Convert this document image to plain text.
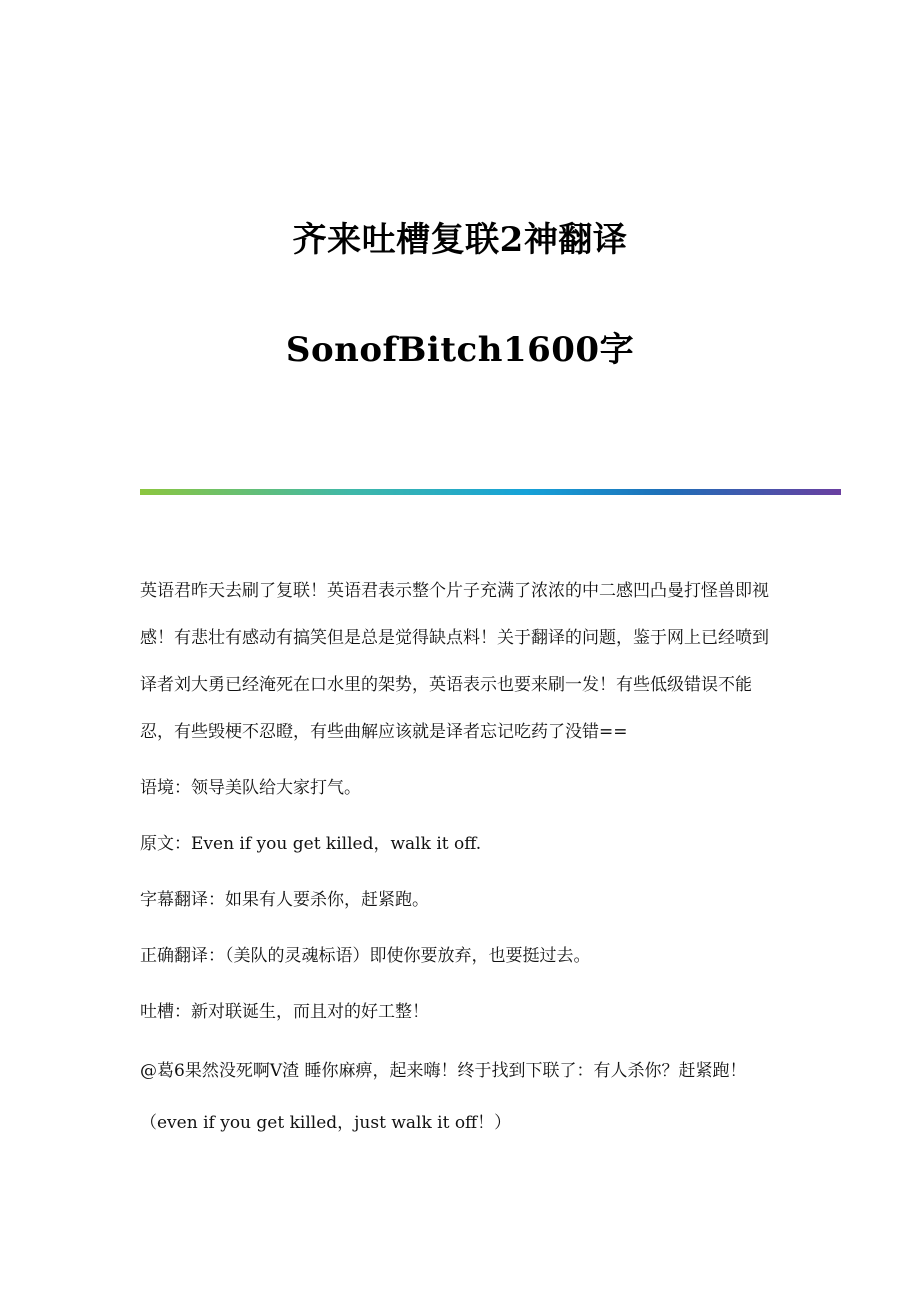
齐来吐槽复联2神翻译
SonofBitch1600字

英语君昨天去刷了复联！英语君表示整个片子充满了浓浓的中二感凹凸曼打怪兽即视感！有悲壮有感动有搞笑但是总是觉得缺点料！关于翻译的问题，鉴于网上已经喷到译者刘大勇已经淹死在口水里的架势，英语表示也要来刷一发！有些低级错误不能忍，有些毁梗不忍瞪，有些曲解应该就是译者忘记吃药了没错==

语境：领导美队给大家打气。

原文：Even if you get killed，walk it off.

字幕翻译：如果有人要杀你，赶紧跑。

正确翻译：（美队的灵魂标语）即使你要放弃，也要挺过去。

吐槽：新对联诞生，而且对的好工整！

@葛6果然没死啊V渣 睡你麻痹，起来嗨！终于找到下联了：有人杀你？赶紧跑！（even if you get killed，just walk it off！）
